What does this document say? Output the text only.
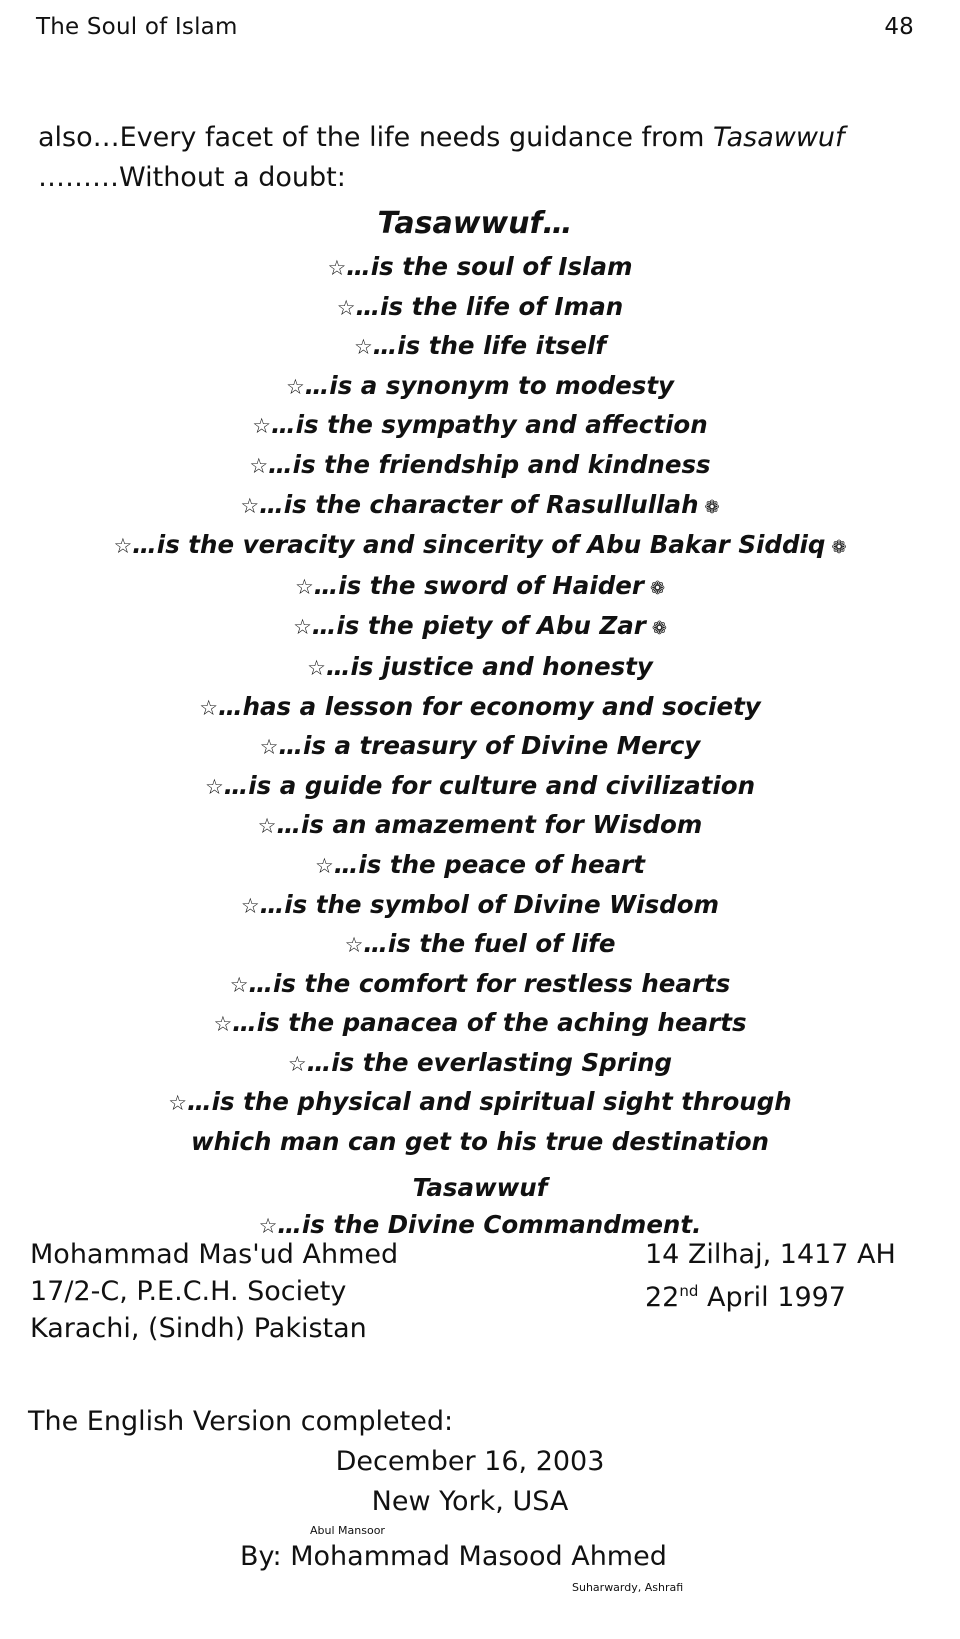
The Soul of Islam	48
also…Every facet of the life needs guidance from Tasawwuf
………Without a doubt:
Tasawwuf…
☆…is the soul of Islam
☆…is the life of Iman
☆…is the life itself
☆…is a synonym to modesty
☆…is the sympathy and affection
☆…is the friendship and kindness
☆…is the character of Rasullullah ❁
☆…is the veracity and sincerity of Abu Bakar Siddiq ❁
☆…is the sword of Haider ❁
☆…is the piety of Abu Zar ❁
☆…is justice and honesty
☆…has a lesson for economy and society
☆…is a treasury of Divine Mercy
☆…is a guide for culture and civilization
☆…is an amazement for Wisdom
☆…is the peace of heart
☆…is the symbol of Divine Wisdom
☆…is the fuel of life
☆…is the comfort for restless hearts
☆…is the panacea of the aching hearts
☆…is the everlasting Spring
☆…is the physical and spiritual sight through
which man can get to his true destination
Tasawwuf
☆…is the Divine Commandment.
Mohammad Mas'ud Ahmed
17/2-C, P.E.C.H. Society
Karachi, (Sindh) Pakistan
14 Zilhaj, 1417 AH
22nd April 1997
The English Version completed:
December 16, 2003
New York, USA
Abul Mansoor
By: Mohammad Masood Ahmed
Suharwardy, Ashrafi
